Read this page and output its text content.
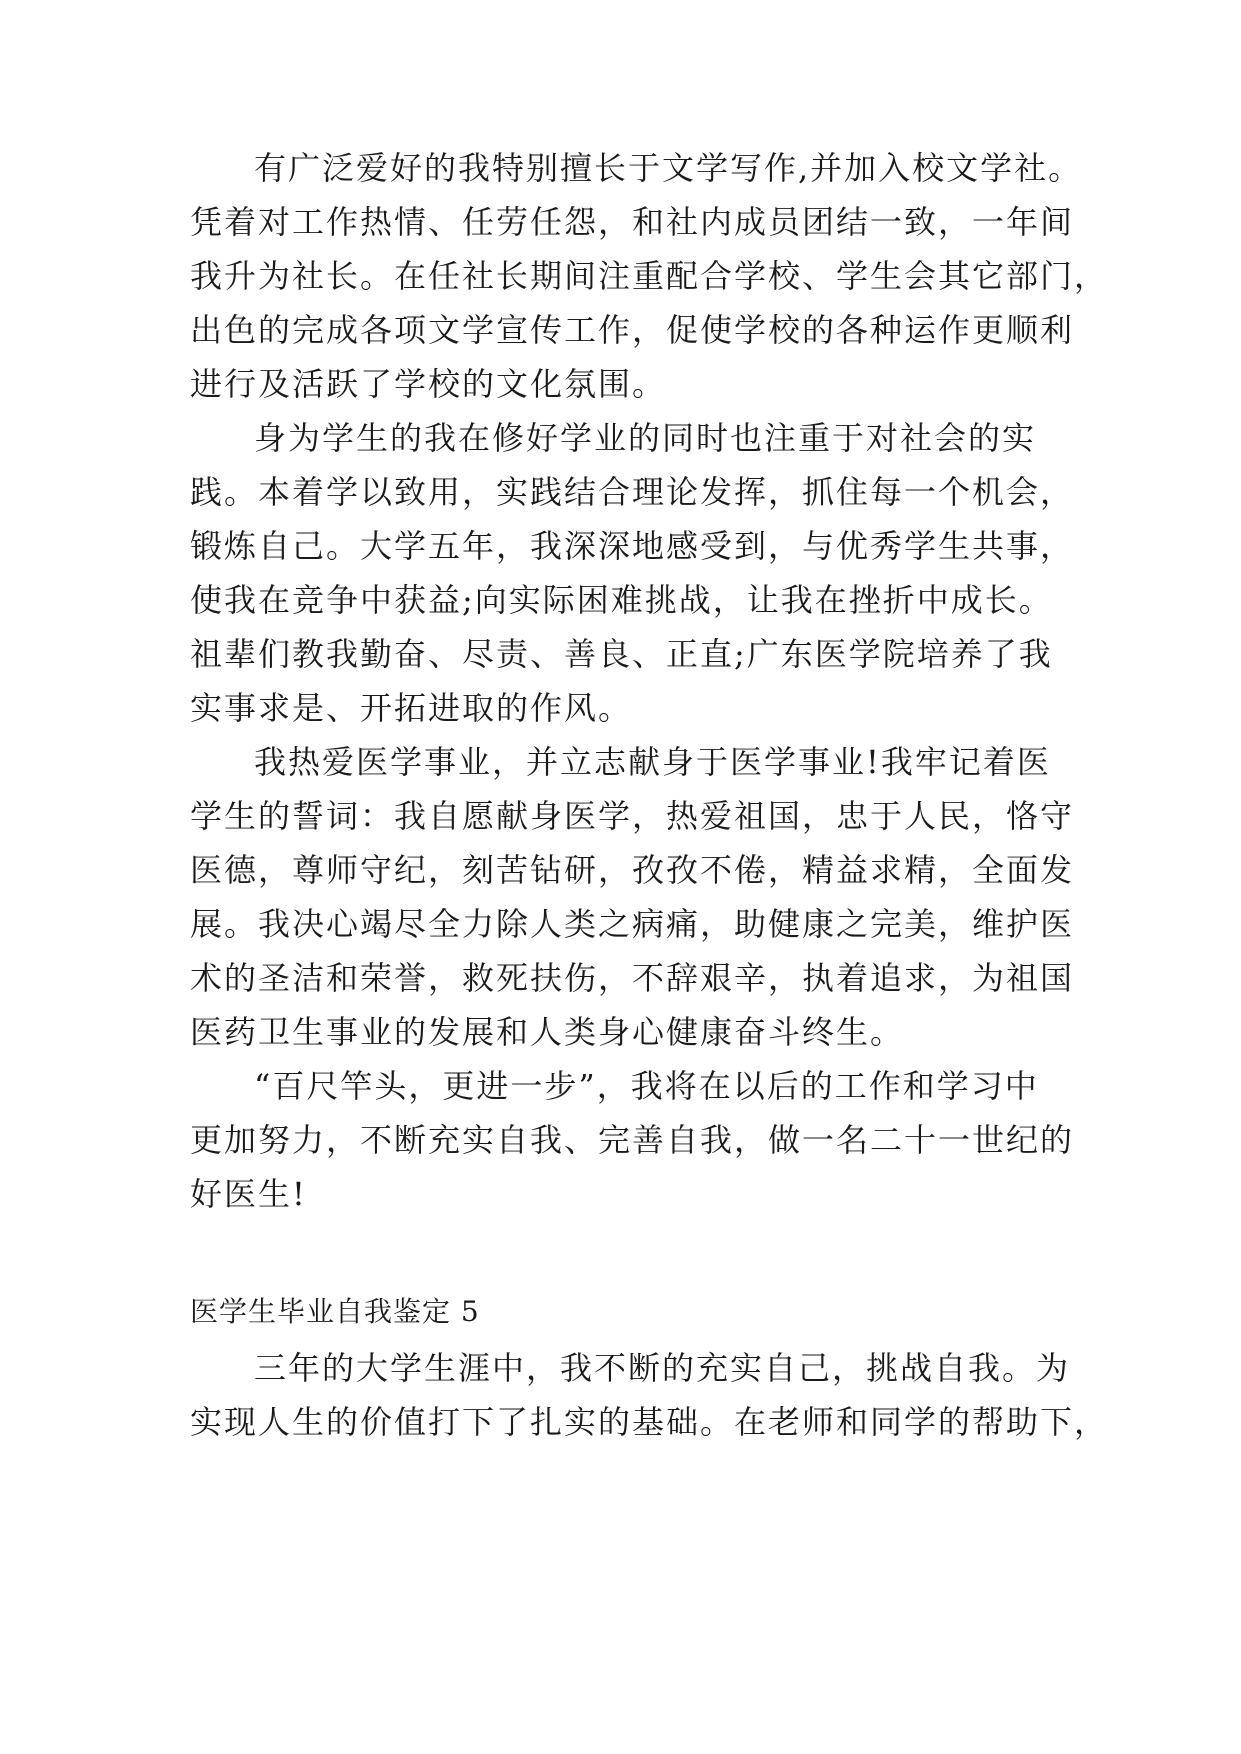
有广泛爱好的我特别擅长于文学写作,并加入校文学社。
凭着对工作热情、任劳任怨，和社内成员团结一致，一年间
我升为社长。在任社长期间注重配合学校、学生会其它部门，
出色的完成各项文学宣传工作，促使学校的各种运作更顺利
进行及活跃了学校的文化氛围。
身为学生的我在修好学业的同时也注重于对社会的实
践。本着学以致用，实践结合理论发挥，抓住每一个机会，
锻炼自己。大学五年，我深深地感受到，与优秀学生共事，
使我在竞争中获益;向实际困难挑战，让我在挫折中成长。
祖辈们教我勤奋、尽责、善良、正直;广东医学院培养了我
实事求是、开拓进取的作风。
我热爱医学事业，并立志献身于医学事业!我牢记着医
学生的誓词：我自愿献身医学，热爱祖国，忠于人民，恪守
医德，尊师守纪，刻苦钻研，孜孜不倦，精益求精，全面发
展。我决心竭尽全力除人类之病痛，助健康之完美，维护医
术的圣洁和荣誉，救死扶伤，不辞艰辛，执着追求，为祖国
医药卫生事业的发展和人类身心健康奋斗终生。
“百尺竿头，更进一步”，我将在以后的工作和学习中
更加努力，不断充实自我、完善自我，做一名二十一世纪的
好医生!
医学生毕业自我鉴定 5
三年的大学生涯中，我不断的充实自己，挑战自我。为
实现人生的价值打下了扎实的基础。在老师和同学的帮助下，
